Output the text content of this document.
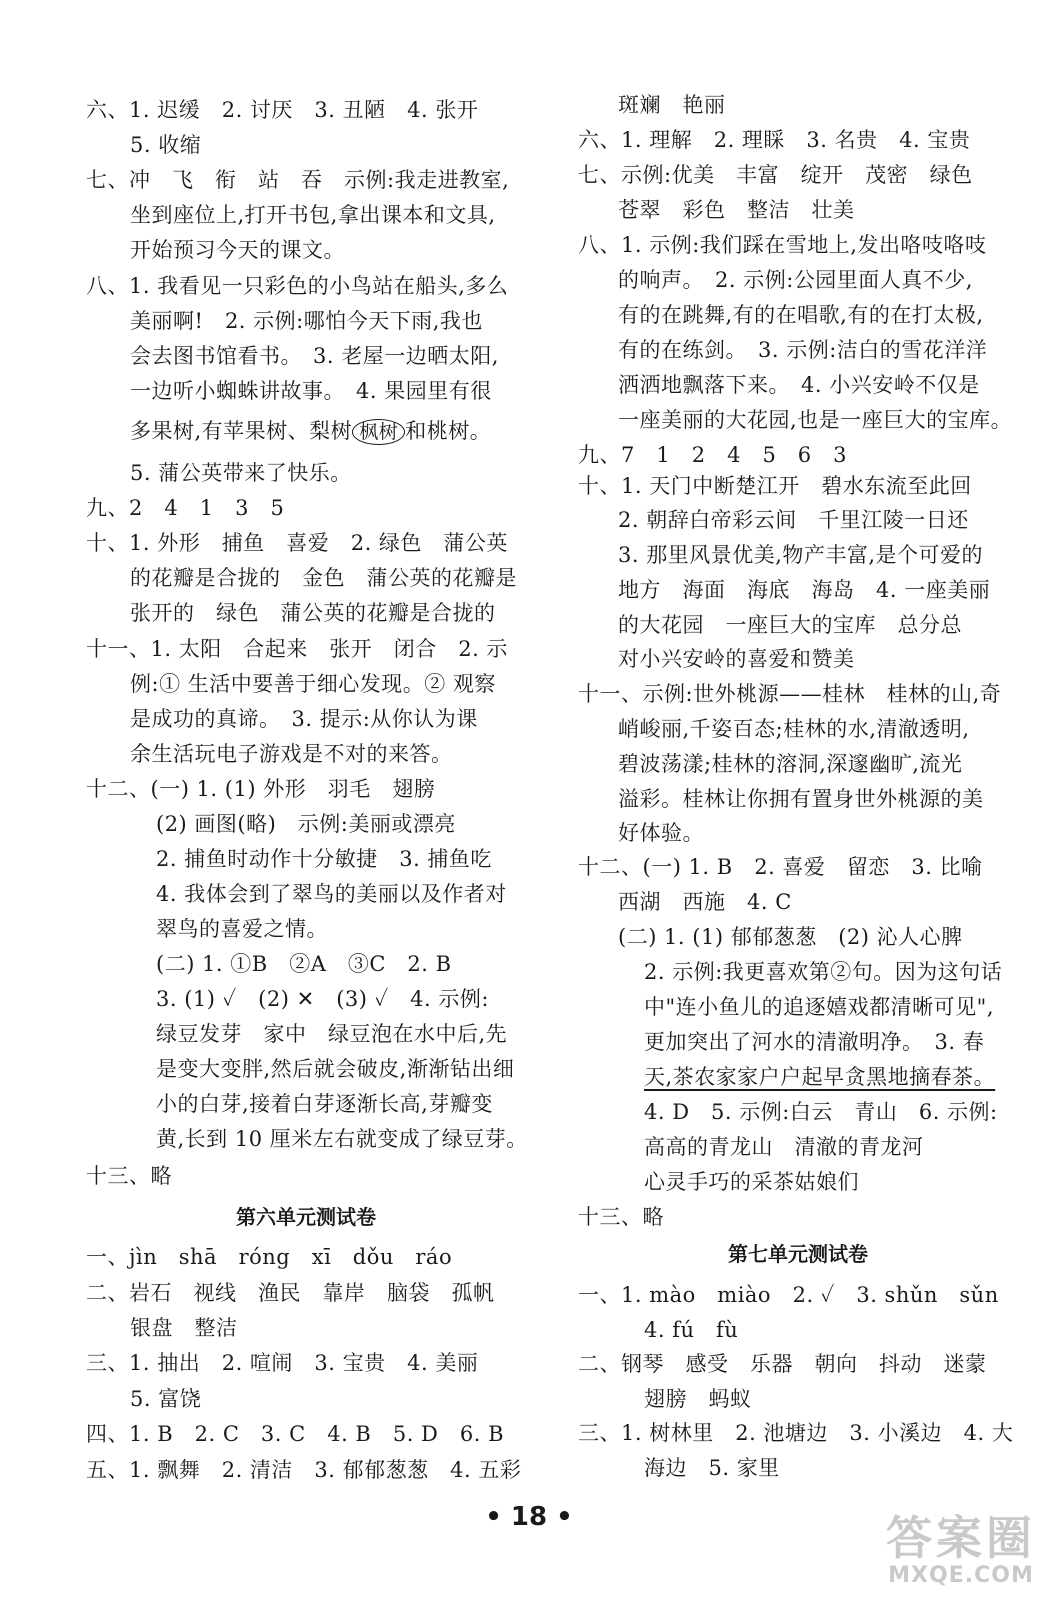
六、1. 迟缓　2. 讨厌　3. 丑陋　4. 张开
5. 收缩
七、冲　飞　衔　站　吞　示例:我走进教室,
坐到座位上,打开书包,拿出课本和文具,
开始预习今天的课文。
八、1. 我看见一只彩色的小鸟站在船头,多么
美丽啊!　2. 示例:哪怕今天下雨,我也
会去图书馆看书。　3. 老屋一边晒太阳,
一边听小蜘蛛讲故事。　4. 果园里有很
多果树,有苹果树、梨树 枫树 和桃树。
5. 蒲公英带来了快乐。
九、2　4　1　3　5
十、1. 外形　捕鱼　喜爱　2. 绿色　蒲公英
的花瓣是合拢的　金色　蒲公英的花瓣是
张开的　绿色　蒲公英的花瓣是合拢的
十一、1. 太阳　合起来　张开　闭合　2. 示
例:① 生活中要善于细心发现。② 观察
是成功的真谛。　3. 提示:从你认为课
余生活玩电子游戏是不对的来答。
十二、(一) 1. (1) 外形　羽毛　翅膀
(2) 画图(略)　示例:美丽或漂亮
2. 捕鱼时动作十分敏捷　3. 捕鱼吃
4. 我体会到了翠鸟的美丽以及作者对
翠鸟的喜爱之情。
(二) 1. ①B　②A　③C　2. B
3. (1) ✓　(2) ✕　(3) ✓　4. 示例:
绿豆发芽　家中　绿豆泡在水中后,先
是变大变胖,然后就会破皮,渐渐钻出细
小的白芽,接着白芽逐渐长高,芽瓣变
黄,长到 10 厘米左右就变成了绿豆芽。
十三、略
第六单元测试卷
一、jìn　shā　róng　xī　dǒu　ráo
二、岩石　视线　渔民　靠岸　脑袋　孤帆
银盘　整洁
三、1. 抽出　2. 喧闹　3. 宝贵　4. 美丽
5. 富饶
四、1. B　2. C　3. C　4. B　5. D　6. B
五、1. 飘舞　2. 清洁　3. 郁郁葱葱　4. 五彩
斑斓　艳丽
六、1. 理解　2. 理睬　3. 名贵　4. 宝贵
七、示例:优美　丰富　绽开　茂密　绿色
苍翠　彩色　整洁　壮美
八、1. 示例:我们踩在雪地上,发出咯吱咯吱
的响声。　2. 示例:公园里面人真不少,
有的在跳舞,有的在唱歌,有的在打太极,
有的在练剑。　3. 示例:洁白的雪花洋洋
洒洒地飘落下来。　4. 小兴安岭不仅是
一座美丽的大花园,也是一座巨大的宝库。
九、7　1　2　4　5　6　3
十、1. 天门中断楚江开　碧水东流至此回
2. 朝辞白帝彩云间　千里江陵一日还
3. 那里风景优美,物产丰富,是个可爱的
地方　海面　海底　海岛　4. 一座美丽
的大花园　一座巨大的宝库　总分总
对小兴安岭的喜爱和赞美
十一、示例:世外桃源——桂林　桂林的山,奇
峭峻丽,千姿百态;桂林的水,清澈透明,
碧波荡漾;桂林的溶洞,深邃幽旷,流光
溢彩。桂林让你拥有置身世外桃源的美
好体验。
十二、(一) 1. B　2. 喜爱　留恋　3. 比喻
西湖　西施　4. C
(二) 1. (1) 郁郁葱葱　(2) 沁人心脾
2. 示例:我更喜欢第②句。因为这句话
中"连小鱼儿的追逐嬉戏都清晰可见",
更加突出了河水的清澈明净。　3. 春
天,茶农家家户户起早贪黑地摘春茶。
4. D　5. 示例:白云　青山　6. 示例:
高高的青龙山　清澈的青龙河
心灵手巧的采茶姑娘们
十三、略
第七单元测试卷
一、1. mào　miào　2. ✓　3. shǔn　sǔn
4. fú　fù
二、钢琴　感受　乐器　朝向　抖动　迷蒙
翅膀　蚂蚁
三、1. 树林里　2. 池塘边　3. 小溪边　4. 大
海边　5. 家里
• 18 •	答案圈
MXQE.COM
